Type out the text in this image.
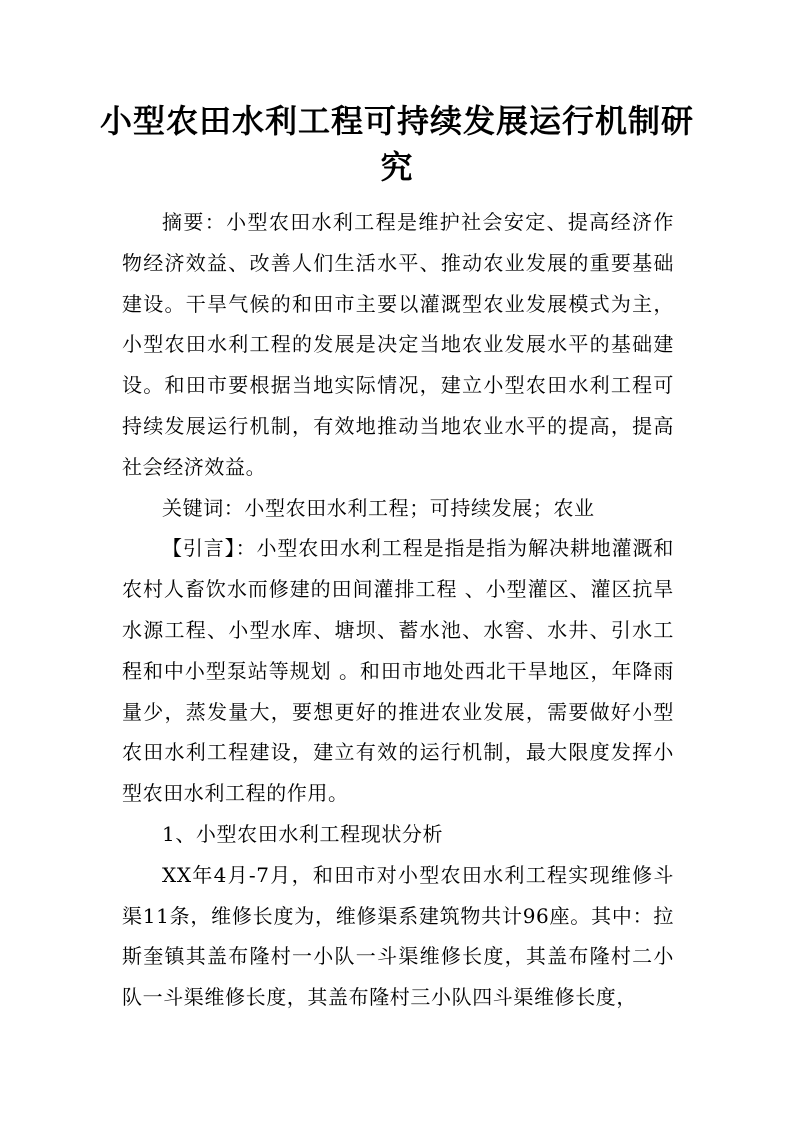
小型农田水利工程可持续发展运行机制研究

摘要：小型农田水利工程是维护社会安定、提高经济作物经济效益、改善人们生活水平、推动农业发展的重要基础建设。干旱气候的和田市主要以灌溉型农业发展模式为主，小型农田水利工程的发展是决定当地农业发展水平的基础建设。和田市要根据当地实际情况，建立小型农田水利工程可持续发展运行机制，有效地推动当地农业水平的提高，提高社会经济效益。

关键词：小型农田水利工程；可持续发展；农业

【引言】：小型农田水利工程是指是指为解决耕地灌溉和农村人畜饮水而修建的田间灌排工程 、小型灌区、灌区抗旱水源工程、小型水库、塘坝、蓄水池、水窖、水井、引水工程和中小型泵站等规划 。和田市地处西北干旱地区，年降雨量少，蒸发量大，要想更好的推进农业发展，需要做好小型农田水利工程建设，建立有效的运行机制，最大限度发挥小型农田水利工程的作用。

1、小型农田水利工程现状分析

XX年4月-7月，和田市对小型农田水利工程实现维修斗渠11条，维修长度为，维修渠系建筑物共计96座。其中：拉斯奎镇其盖布隆村一小队一斗渠维修长度，其盖布隆村二小队一斗渠维修长度，其盖布隆村三小队四斗渠维修长度，
